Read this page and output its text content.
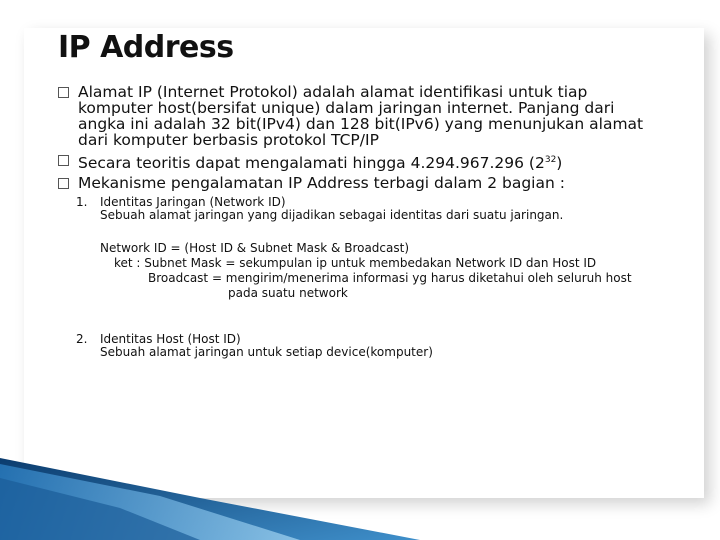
IP Address
Alamat IP (Internet Protokol) adalah alamat identifikasi untuk tiap
komputer host(bersifat unique) dalam jaringan internet. Panjang dari
angka ini adalah 32 bit(IPv4) dan 128 bit(IPv6) yang menunjukan alamat
dari komputer berbasis protokol TCP/IP
Secara teoritis dapat mengalamati hingga 4.294.967.296 $(2^{32})$
Mekanisme pengalamatan IP Address terbagi dalam 2 bagian :
1. Identitas Jaringan (Network ID)
Sebuah alamat jaringan yang dijadikan sebagai identitas dari suatu jaringan.
Network ID = (Host ID & Subnet Mask & Broadcast)
ket : Subnet Mask = sekumpulan ip untuk membedakan Network ID dan Host ID
Broadcast = mengirim/menerima informasi yg harus diketahui oleh seluruh host
pada suatu network
2. Identitas Host (Host ID)
Sebuah alamat jaringan untuk setiap device(komputer)
